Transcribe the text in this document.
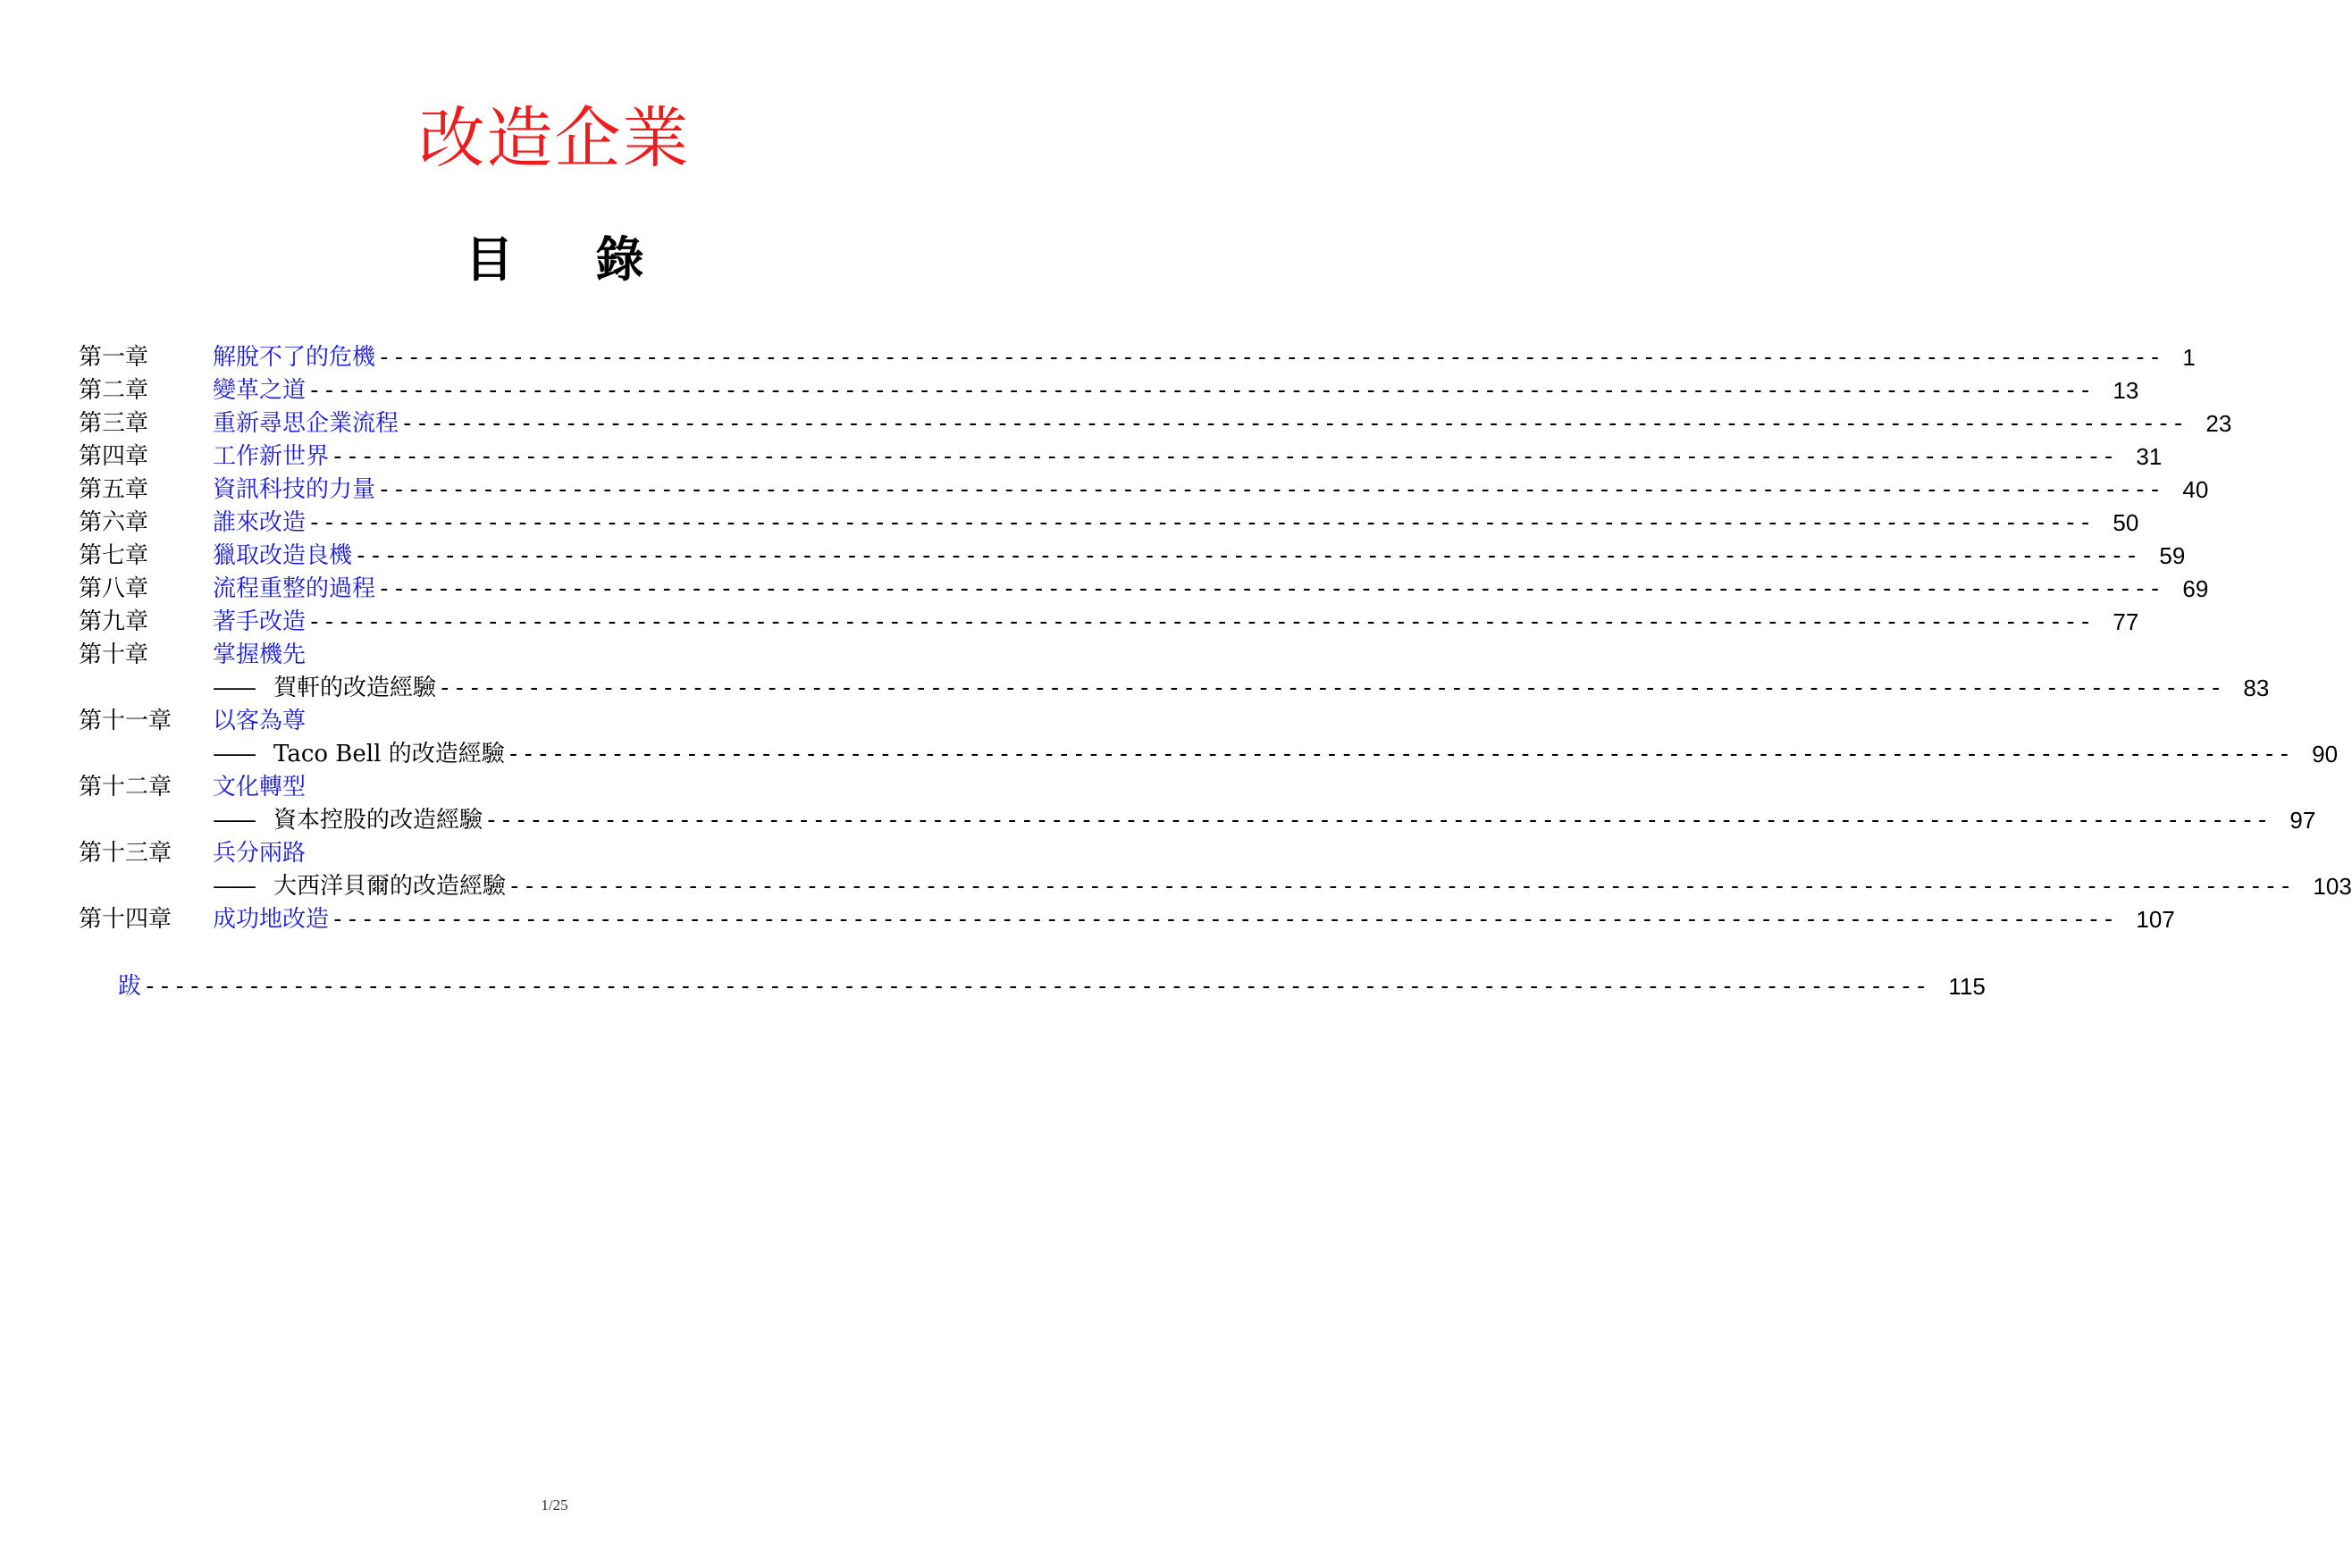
改造企業
目 錄
第一章	解脫不了的危機 ------------------------------------------------------------------------------------------------------------------------ 1
第二章	變革之道 ------------------------------------------------------------------------------------------------------------------------ 13
第三章	重新尋思企業流程 ------------------------------------------------------------------------------------------------------------------------ 23
第四章	工作新世界 ------------------------------------------------------------------------------------------------------------------------ 31
第五章	資訊科技的力量 ------------------------------------------------------------------------------------------------------------------------ 40
第六章	誰來改造 ------------------------------------------------------------------------------------------------------------------------ 50
第七章	獵取改造良機 ------------------------------------------------------------------------------------------------------------------------ 59
第八章	流程重整的過程 ------------------------------------------------------------------------------------------------------------------------ 69
第九章	著手改造 ------------------------------------------------------------------------------------------------------------------------ 77
第十章	掌握機先
—— 賀軒的改造經驗 ------------------------------------------------------------------------------------------------------------------------ 83
第十一章	以客為尊
—— Taco Bell 的改造經驗 ------------------------------------------------------------------------------------------------------------------------ 90
第十二章	文化轉型
—— 資本控股的改造經驗 ------------------------------------------------------------------------------------------------------------------------ 97
第十三章	兵分兩路
—— 大西洋貝爾的改造經驗 ------------------------------------------------------------------------------------------------------------------------ 103
第十四章	成功地改造 ------------------------------------------------------------------------------------------------------------------------ 107
跋 ------------------------------------------------------------------------------------------------------------------------ 115
1/25
